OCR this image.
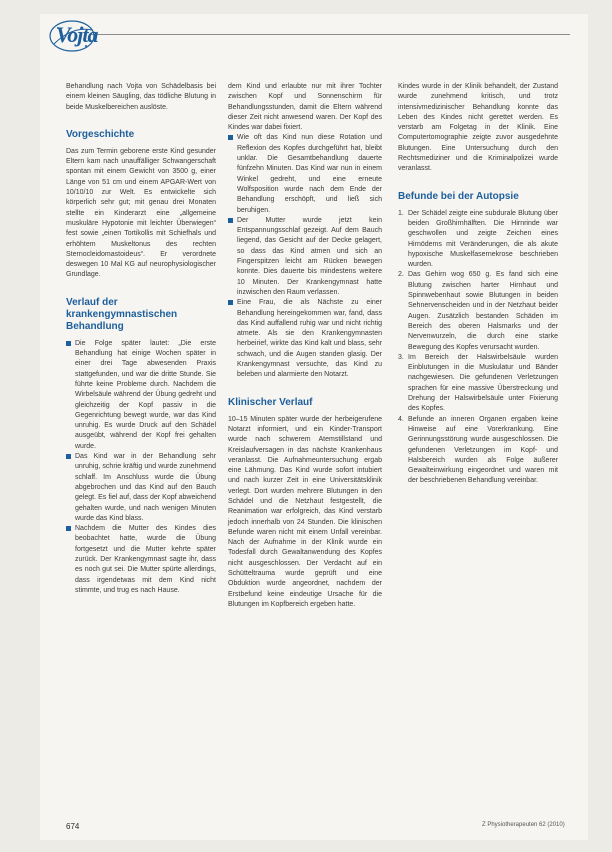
Vojta

Behandlung nach Vojta von Schädelbasis bei einem kleinen Säugling, das tödliche Blutung in beide Muskelbereichen auslöste.

Vorgeschichte

Das zum Termin geborene erste Kind gesunder Eltern kam nach unauffälliger Schwangerschaft spontan mit einem Gewicht von 3500 g, einer Länge von 51 cm und einem APGAR-Wert von 10/10/10 zur Welt. Es entwickelte sich körperlich sehr gut; mit genau drei Monaten stellte ein Kinderarzt eine „allgemeine muskuläre Hypotonie mit leichter Überwiegen“ fest sowie „einen Tortikollis mit Schiefhals und erhöhtem Muskeltonus des rechten Sternocleidomastoideus“. Er verordnete deswegen 10 Mal KG auf neurophysiologischer Grundlage.

Verlauf der krankengymnastischen Behandlung
Die Folge später lautet: „Die erste Behandlung hat einige Wochen später in einer drei Tage abwesenden Praxis stattgefunden, und war die dritte Stunde. Sie führte keine Probleme durch. Nachdem die Wirbelsäule während der Übung gedreht und gleichzeitig der Kopf passiv in die Gegenrichtung bewegt wurde, war das Kind unruhig. Es wurde Druck auf den Schädel ausgeübt, während der Kopf frei gehalten wurde.
Das Kind war in der Behandlung sehr unruhig, schrie kräftig und wurde zunehmend schlaff. Im Anschluss wurde die Übung abgebrochen und das Kind auf den Bauch gelegt. Es fiel auf, dass der Kopf abweichend gehalten wurde, und nach wenigen Minuten wurde das Kind blass.
Nachdem die Mutter des Kindes dies beobachtet hatte, wurde die Übung fortgesetzt und die Mutter kehrte später zurück. Der Krankengymnast sagte ihr, dass es noch gut sei. Die Mutter spürte allerdings, dass irgendetwas mit dem Kind nicht stimmte, und trug es nach Hause.

dem Kind und erlaubte nur mit ihrer Tochter zwischen Kopf und Sonnenschirm für Behandlungsstunden, damit die Eltern während dieser Zeit nicht anwesend waren. Der Kopf des Kindes war dabei fixiert.

Wie oft das Kind nun diese Rotation und Reflexion des Kopfes durchgeführt hat, bleibt unklar. Die Gesamtbehandlung dauerte fünfzehn Minuten. Das Kind war nun in einem Winkel gedreht, und eine erneute Wolfsposition wurde nach dem Ende der Behandlung erschöpft, und ließ sich beruhigen.
Der Mutter wurde jetzt kein Entspannungsschlaf gezeigt. Auf dem Bauch liegend, das Gesicht auf der Decke gelagert, so dass das Kind atmen und sich an Fingerspitzen leicht am Rücken bewegen konnte. Dies dauerte bis mindestens weitere 10 Minuten. Der Krankengymnast hatte inzwischen den Raum verlassen.
Eine Frau, die als Nächste zu einer Behandlung hereingekommen war, fand, dass das Kind auffallend ruhig war und nicht richtig atmete. Als sie den Krankengymnasten herbeirief, wirkte das Kind kalt und blass, sehr schwach, und die Augen standen glasig. Der Krankengymnast versuchte, das Kind zu beleben und alarmierte den Notarzt.
Klinischer Verlauf

10–15 Minuten später wurde der herbeigerufene Notarzt informiert, und ein Kinder-Transport wurde nach schwerem Atemstillstand und Kreislaufversagen in das nächste Krankenhaus veranlasst. Die Aufnahmeuntersuchung ergab eine Lähmung. Das Kind wurde sofort intubiert und nach kurzer Zeit in eine Universitätsklinik verlegt. Dort wurden mehrere Blutungen in den Schädel und die Netzhaut festgestellt, die Reanimation war erfolgreich, das Kind verstarb jedoch innerhalb von 24 Stunden. Die klinischen Befunde waren nicht mit einem Unfall vereinbar. Nach der Aufnahme in der Klinik wurde ein Todesfall durch Gewaltanwendung des Kopfes nicht ausgeschlossen. Der Verdacht auf ein Schütteltrauma wurde geprüft und eine Obduktion wurde angeordnet, nachdem der Erstbefund keine eindeutige Ursache für die Blutungen im Kopfbereich ergeben hatte.

Kindes wurde in der Klinik behandelt, der Zustand wurde zunehmend kritisch, und trotz intensivmedizinischer Behandlung konnte das Leben des Kindes nicht gerettet werden. Es verstarb am Folgetag in der Klinik. Eine Computertomographie zeigte zuvor ausgedehnte Blutungen. Eine Untersuchung durch den Rechtsmediziner und die Kriminalpolizei wurde veranlasst.

Befunde bei der Autopsie
1. Der Schädel zeigte eine subdurale Blutung über beiden Großhirnhälften. Die Hirnrinde war geschwollen und zeigte Zeichen eines Hirnödems mit Veränderungen, die als akute hypoxische Muskelfasernekrose beschrieben wurden.
2. Das Gehirn wog 650 g. Es fand sich eine Blutung zwischen harter Hirnhaut und Spinnwebenhaut sowie Blutungen in beiden Sehnervenscheiden und in der Netzhaut beider Augen. Zusätzlich bestanden Schäden im Bereich des oberen Halsmarks und der Nervenwurzeln, die durch eine starke Bewegung des Kopfes verursacht wurden.
3. Im Bereich der Halswirbelsäule wurden Einblutungen in die Muskulatur und Bänder nachgewiesen. Die gefundenen Verletzungen sprachen für eine massive Überstreckung und Drehung der Halswirbelsäule unter Fixierung des Kopfes.
4. Befunde an inneren Organen ergaben keine Hinweise auf eine Vorerkrankung. Eine Gerinnungsstörung wurde ausgeschlossen. Die gefundenen Verletzungen im Kopf- und Halsbereich wurden als Folge äußerer Gewalteinwirkung eingeordnet und waren mit der beschriebenen Behandlung vereinbar.
674	Z Physiotherapeuten 62 (2010)
